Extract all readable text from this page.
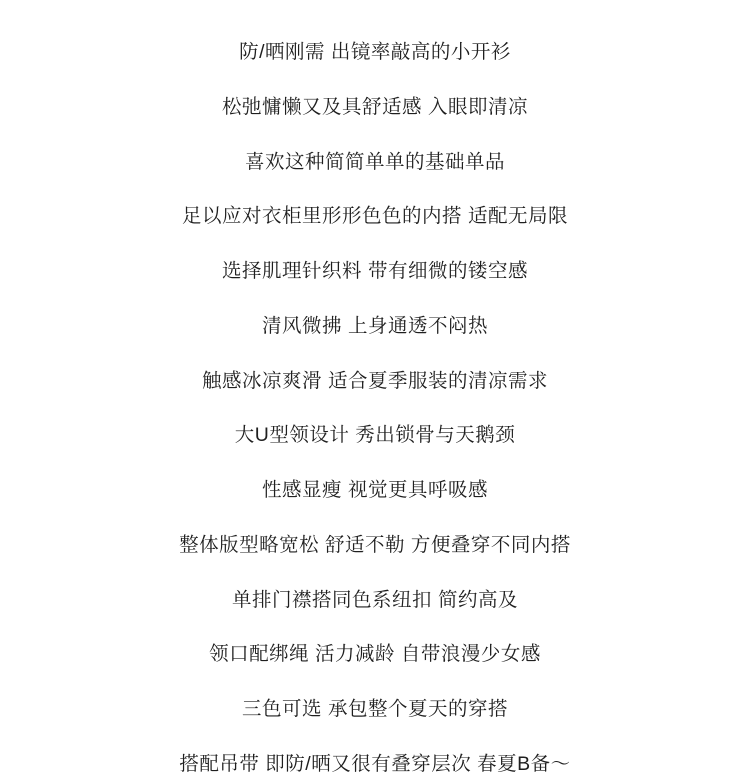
防/晒刚需 出镜率敲高的小开衫

松弛慵懒又及具舒适感 入眼即清凉

喜欢这种简简单单的基础单品

足以应对衣柜里形形色色的内搭 适配无局限

选择肌理针织料 带有细微的镂空感

清风微拂 上身通透不闷热

触感冰凉爽滑 适合夏季服装的清凉需求

大U型领设计 秀出锁骨与天鹅颈

性感显瘦 视觉更具呼吸感

整体版型略宽松 舒适不勒 方便叠穿不同内搭

单排门襟搭同色系纽扣 简约高及

领口配绑绳 活力减龄 自带浪漫少女感

三色可选 承包整个夏天的穿搭

搭配吊带 即防/晒又很有叠穿层次 春夏B备～
